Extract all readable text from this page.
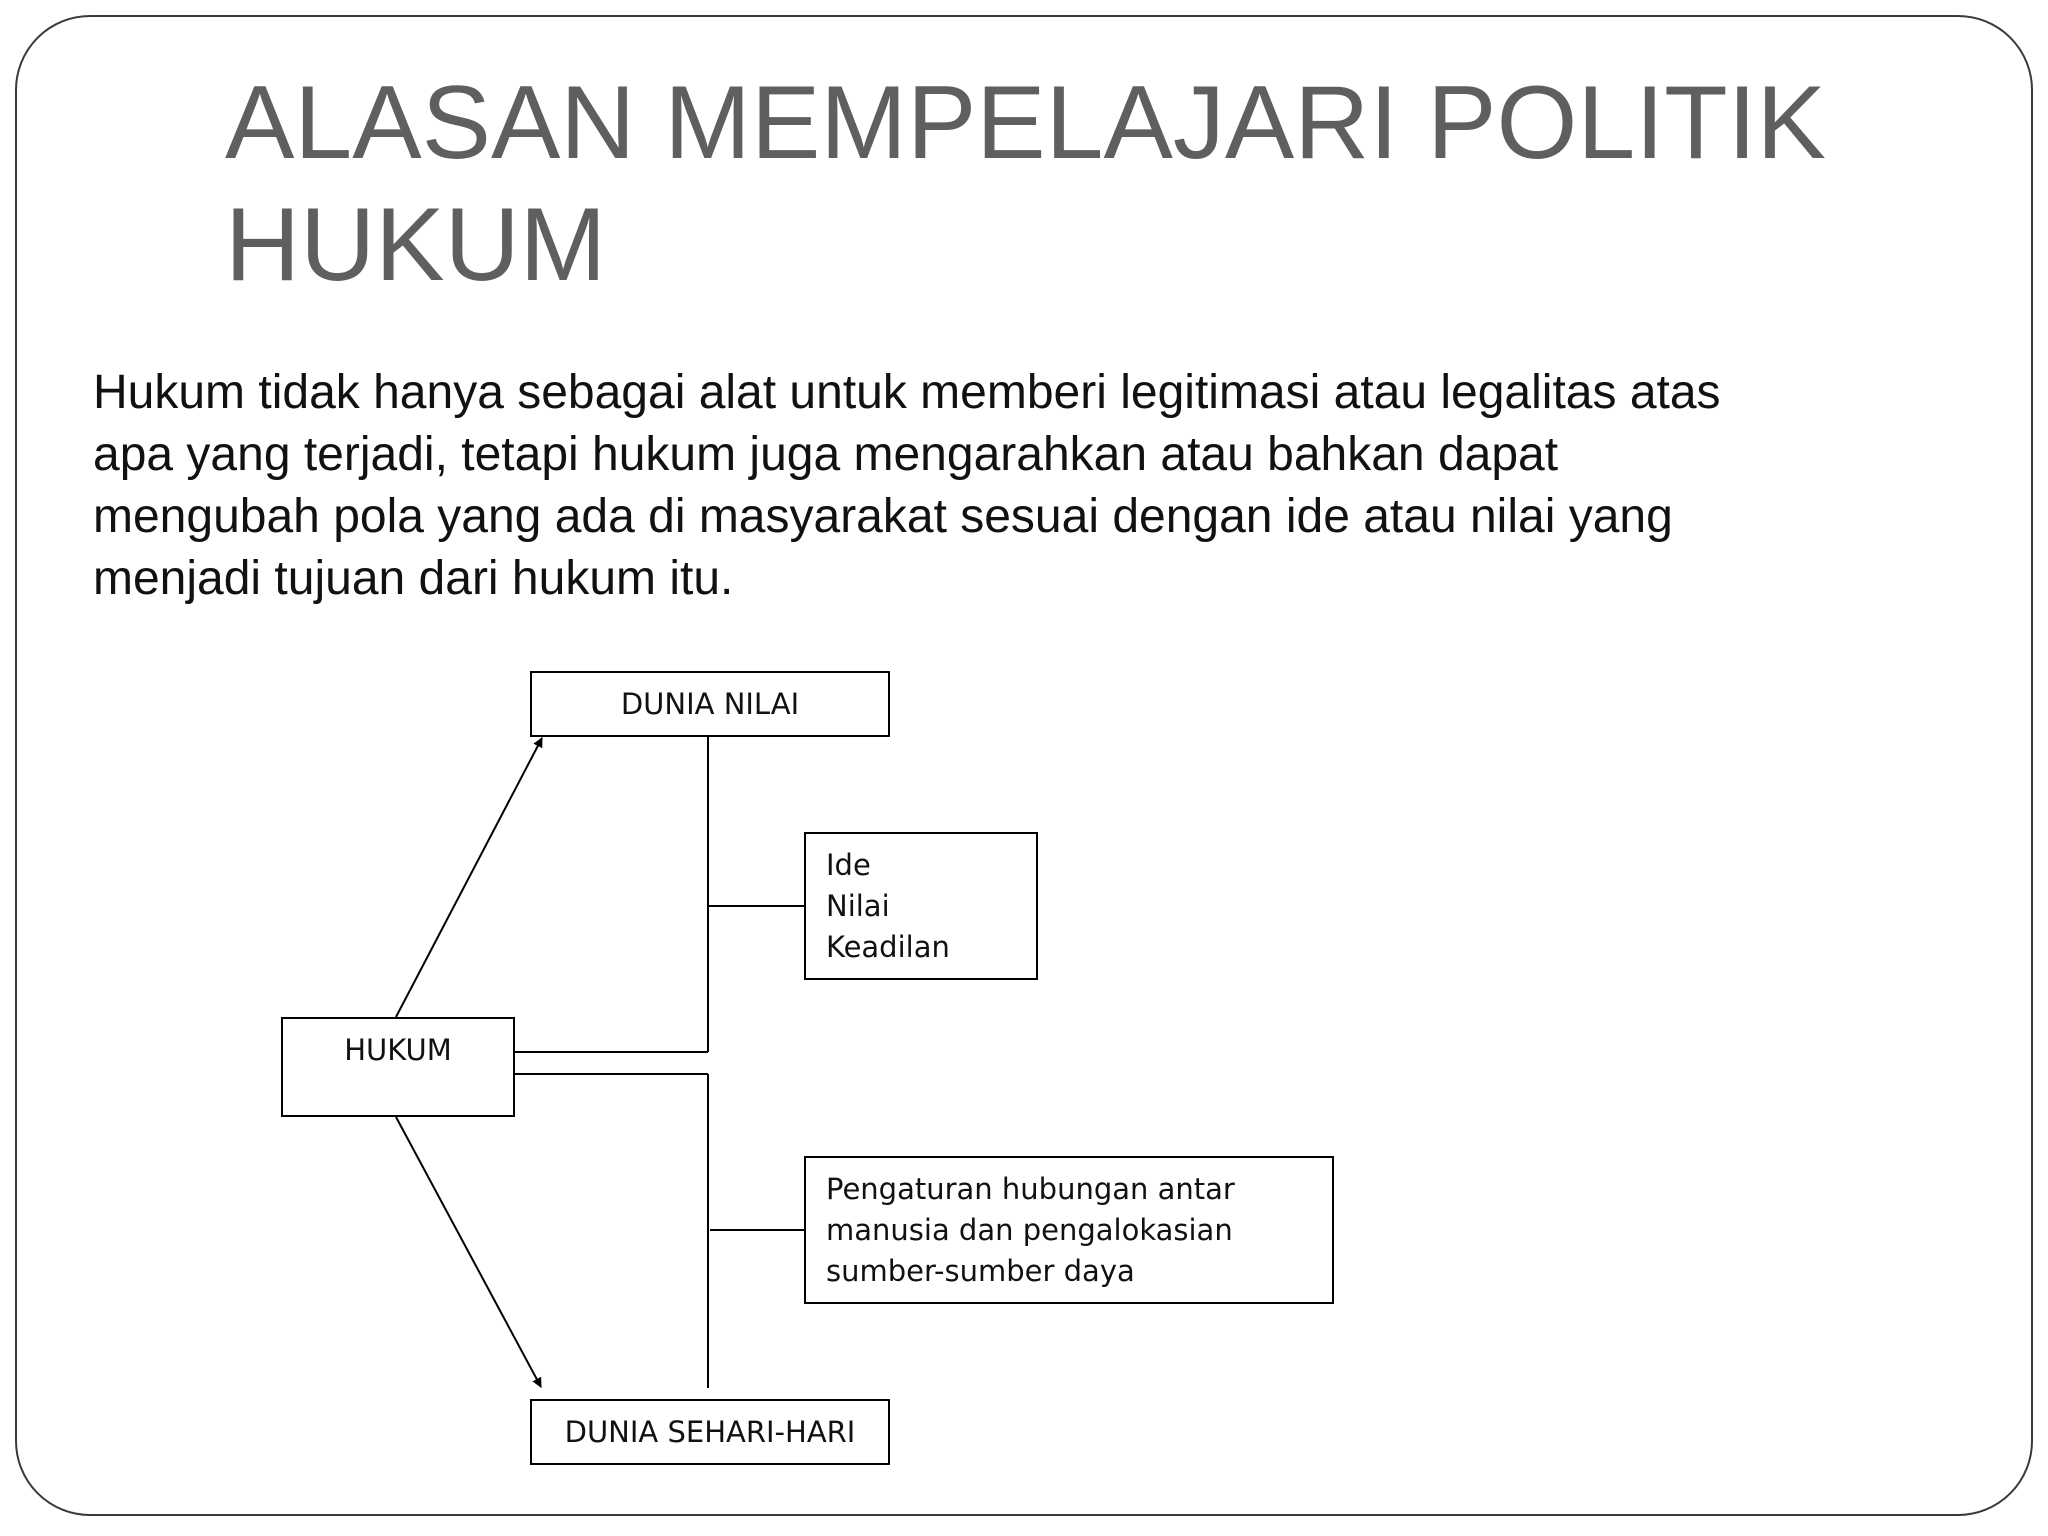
ALASAN MEMPELAJARI POLITIK HUKUM

Hukum tidak hanya sebagai alat untuk memberi legitimasi atau legalitas atas apa yang terjadi, tetapi hukum juga mengarahkan atau bahkan dapat mengubah pola yang ada di masyarakat sesuai dengan ide atau nilai yang menjadi tujuan dari hukum itu.

DUNIA NILAI
HUKUM
DUNIA SEHARI-HARI
Ide
Nilai
Keadilan
Pengaturan hubungan antar
manusia dan pengalokasian
sumber-sumber daya
